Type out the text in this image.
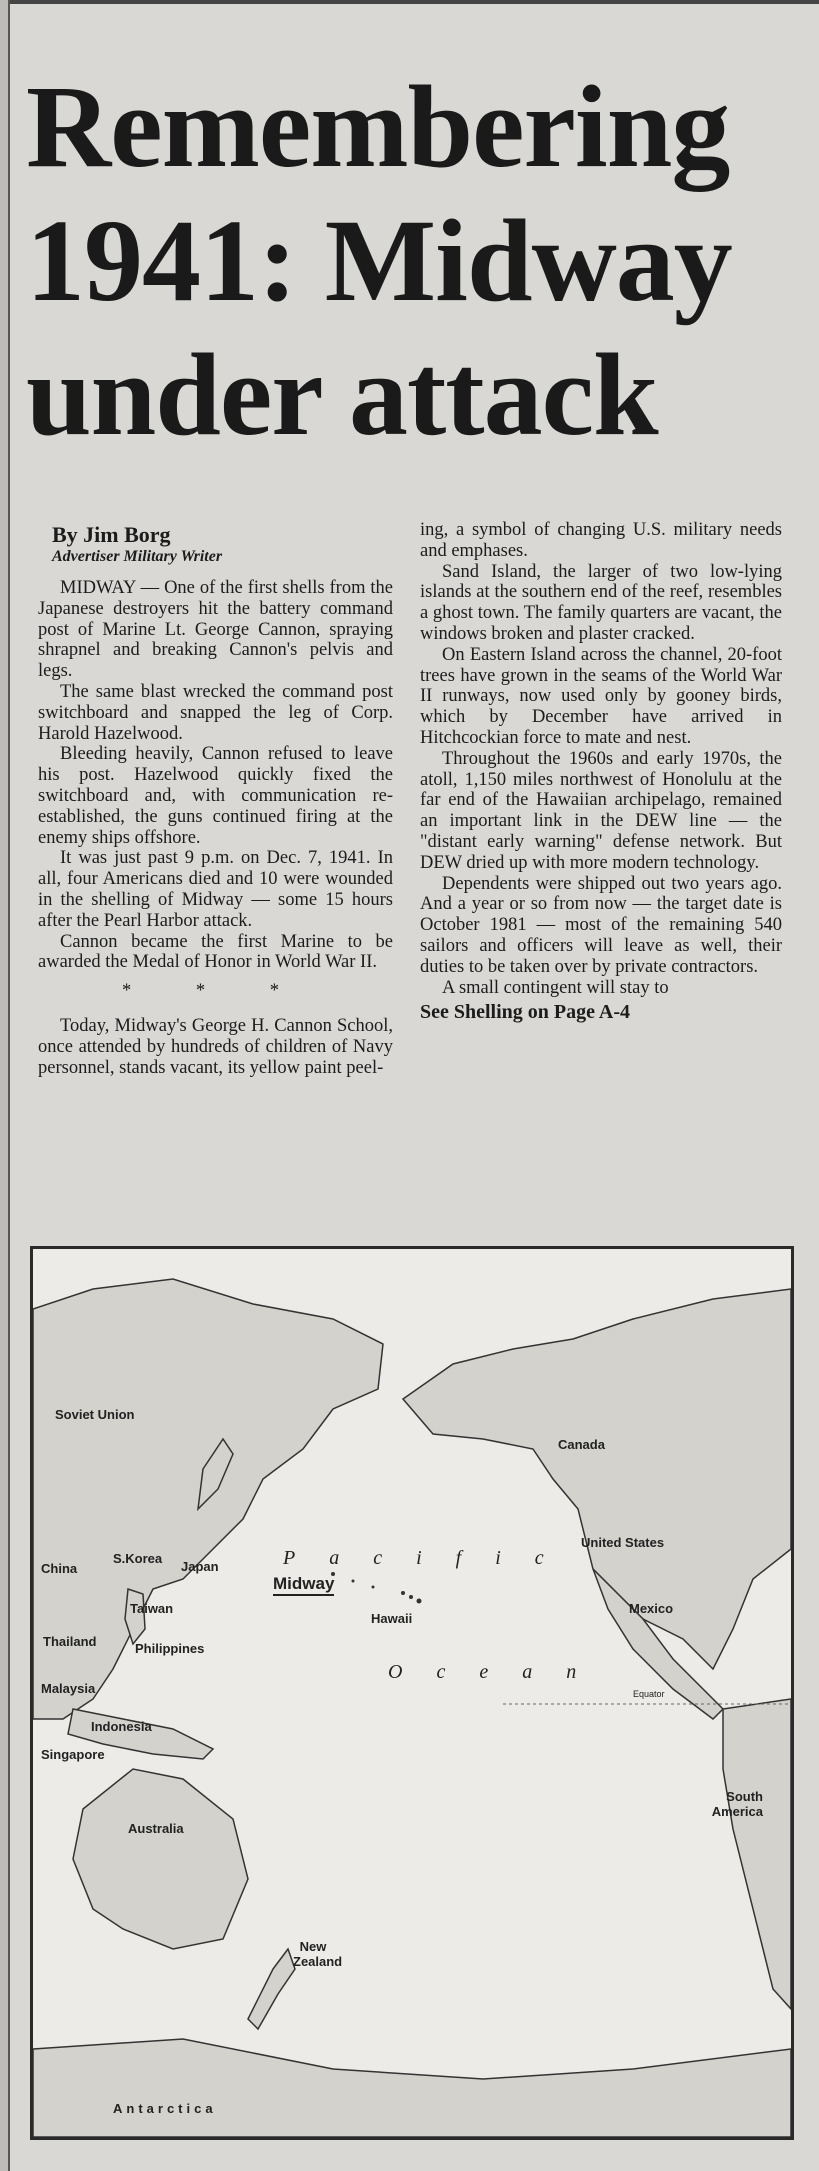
Remembering
1941: Midway
under attack
By Jim Borg
Advertiser Military Writer

MIDWAY — One of the first shells from the Japanese destroyers hit the battery command post of Marine Lt. George Cannon, spraying shrapnel and breaking Cannon's pelvis and legs.

The same blast wrecked the command post switchboard and snapped the leg of Corp. Harold Hazelwood.

Bleeding heavily, Cannon refused to leave his post. Hazelwood quickly fixed the switchboard and, with communication re-established, the guns continued firing at the enemy ships offshore.

It was just past 9 p.m. on Dec. 7, 1941. In all, four Americans died and 10 were wounded in the shelling of Midway — some 15 hours after the Pearl Harbor attack.

Cannon became the first Marine to be awarded the Medal of Honor in World War II.

* * *

Today, Midway's George H. Cannon School, once attended by hundreds of children of Navy personnel, stands vacant, its yellow paint peel-

ing, a symbol of changing U.S. military needs and emphases.

Sand Island, the larger of two low-lying islands at the southern end of the reef, resembles a ghost town. The family quarters are vacant, the windows broken and plaster cracked.

On Eastern Island across the channel, 20-foot trees have grown in the seams of the World War II runways, now used only by gooney birds, which by December have arrived in Hitchcockian force to mate and nest.

Throughout the 1960s and early 1970s, the atoll, 1,150 miles northwest of Honolulu at the far end of the Hawaiian archipelago, remained an important link in the DEW line — the "distant early warning" defense network. But DEW dried up with more modern technology.

Dependents were shipped out two years ago. And a year or so from now — the target date is October 1981 — most of the remaining 540 sailors and officers will leave as well, their duties to be taken over by private contractors.

A small contingent will stay to

See Shelling on Page A-4

Soviet Union
Canada
United States
China
S.Korea
Japan
Taiwan
Thailand	Philippines
Malaysia
Indonesia
Singapore
Australia
New Zealand
Pacific
Ocean
Midway
Hawaii
Mexico
Equator
South America
Antarctica
